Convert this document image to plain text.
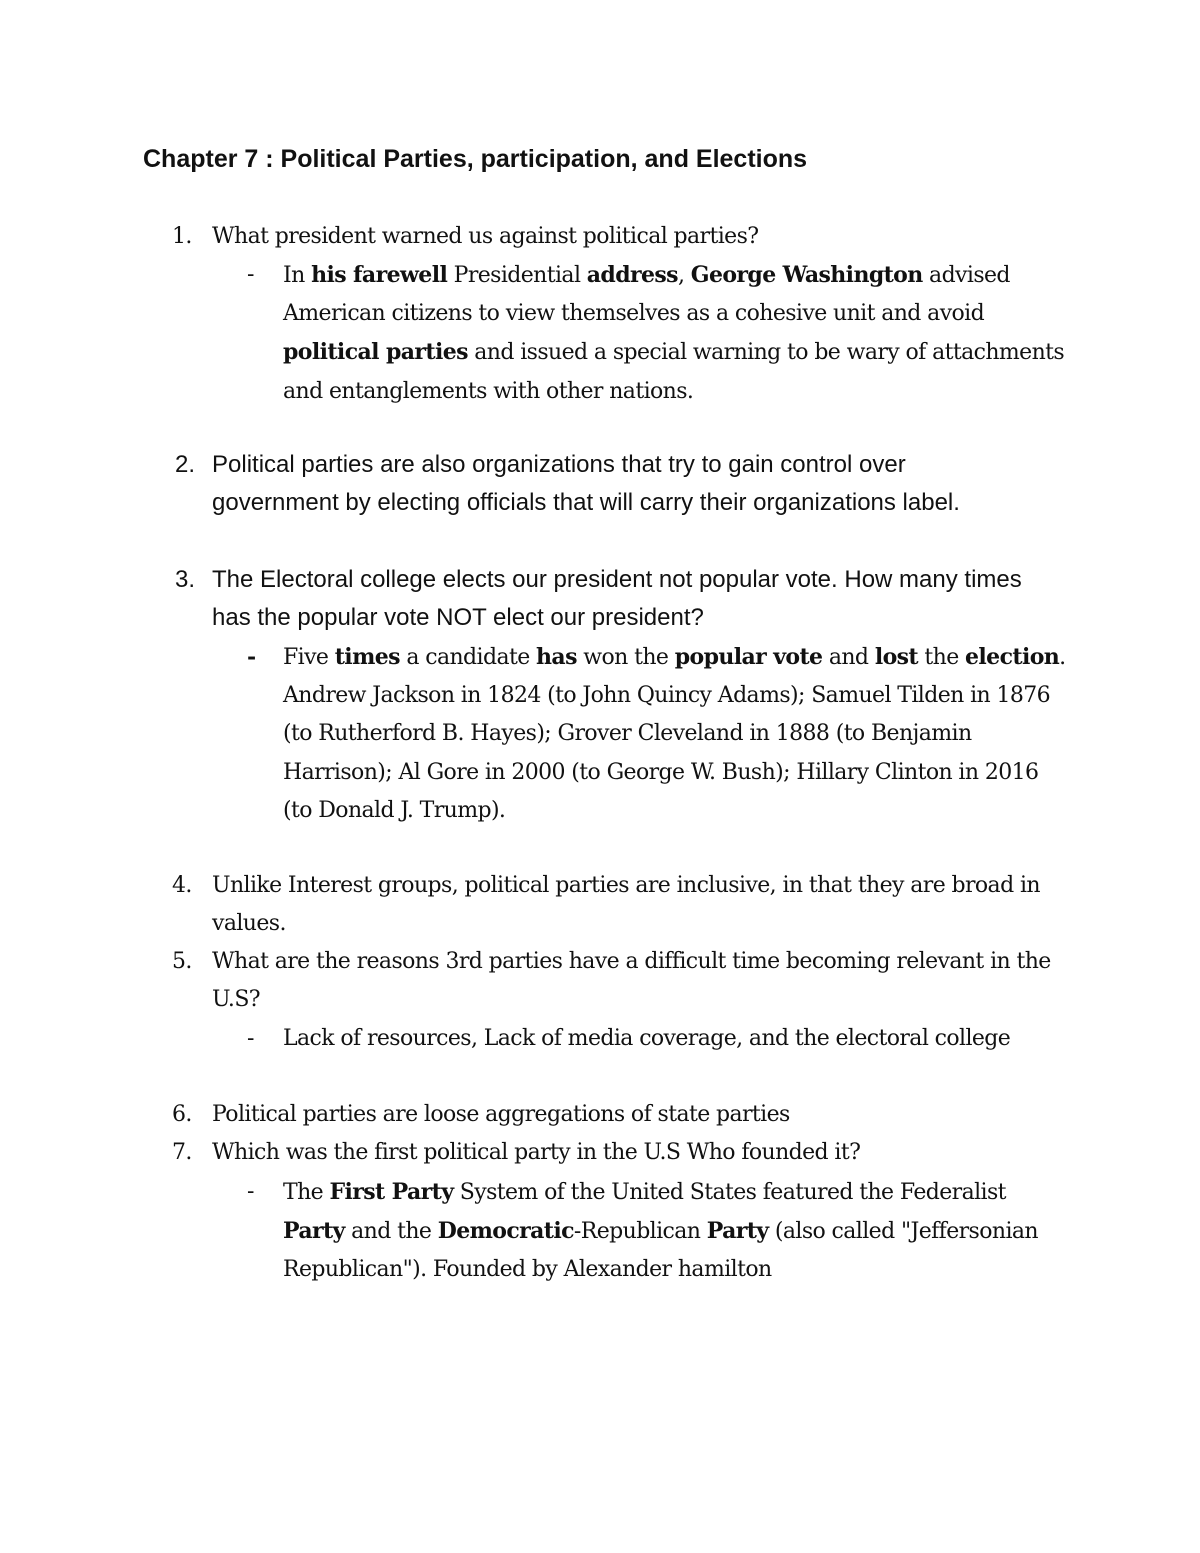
Chapter 7 : Political Parties, participation, and Elections
1. What president warned us against political parties?
- In his farewell Presidential address, George Washington advised American citizens to view themselves as a cohesive unit and avoid political parties and issued a special warning to be wary of attachments and entanglements with other nations.
2. Political parties are also organizations that try to gain control over government by electing officials that will carry their organizations label.
3. The Electoral college elects our president not popular vote. How many times has the popular vote NOT elect our president?
- Five times a candidate has won the popular vote and lost the election. Andrew Jackson in 1824 (to John Quincy Adams); Samuel Tilden in 1876 (to Rutherford B. Hayes); Grover Cleveland in 1888 (to Benjamin Harrison); Al Gore in 2000 (to George W. Bush); Hillary Clinton in 2016 (to Donald J. Trump).
4. Unlike Interest groups, political parties are inclusive, in that they are broad in values.
5. What are the reasons 3rd parties have a difficult time becoming relevant in the U.S?
- Lack of resources, Lack of media coverage, and the electoral college
6. Political parties are loose aggregations of state parties
7. Which was the first political party in the U.S Who founded it?
- The First Party System of the United States featured the Federalist Party and the Democratic-Republican Party (also called "Jeffersonian Republican"). Founded by Alexander hamilton
